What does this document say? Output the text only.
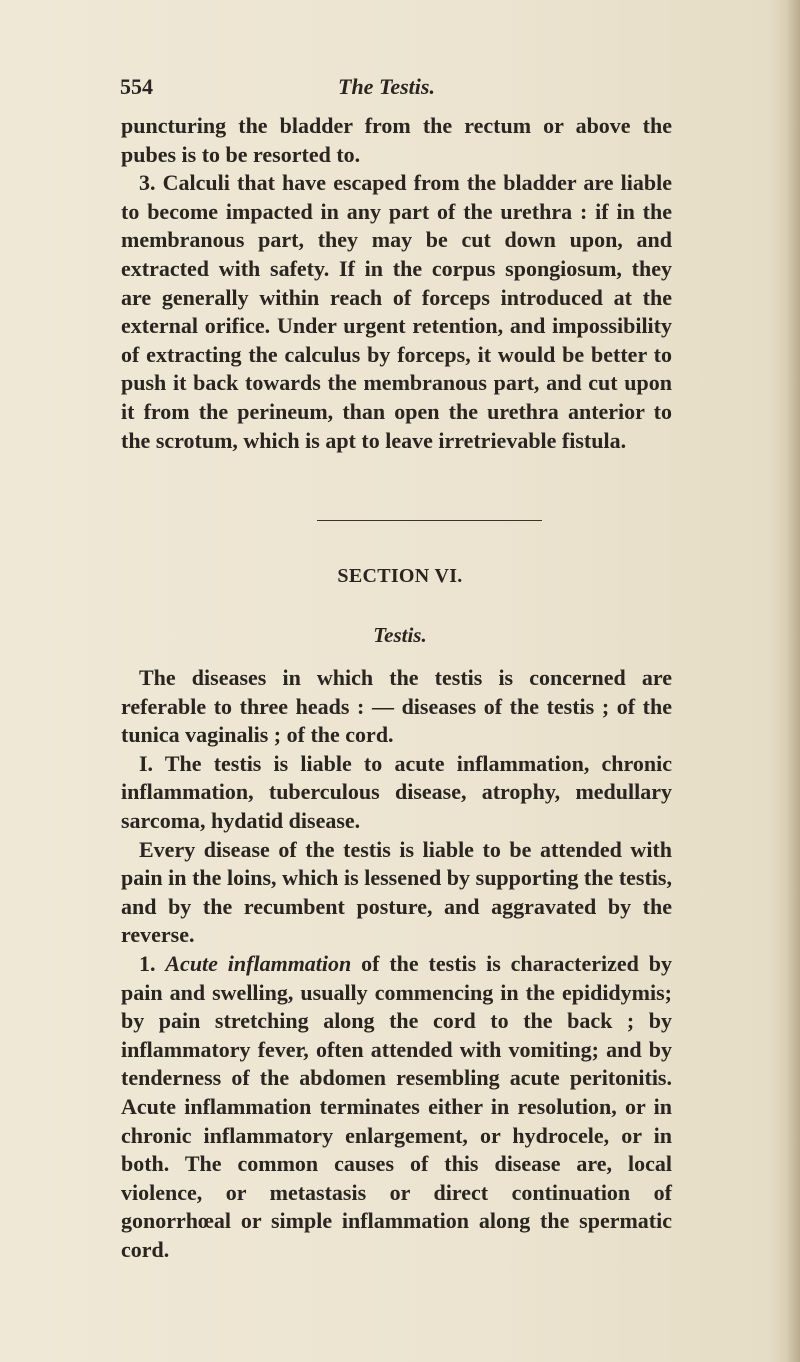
554	The Testis.

puncturing the bladder from the rectum or above the pubes is to be resorted to.

3. Calculi that have escaped from the bladder are liable to become impacted in any part of the urethra : if in the membranous part, they may be cut down upon, and extracted with safety. If in the corpus spongiosum, they are generally within reach of forceps introduced at the external orifice. Under urgent retention, and impossibility of extracting the calculus by forceps, it would be better to push it back towards the membranous part, and cut upon it from the perineum, than open the urethra anterior to the scrotum, which is apt to leave irretrievable fistula.

SECTION VI.
Testis.

The diseases in which the testis is concerned are referable to three heads : — diseases of the testis ; of the tunica vaginalis ; of the cord.

I. The testis is liable to acute inflammation, chronic inflammation, tuberculous disease, atrophy, medullary sarcoma, hydatid disease.

Every disease of the testis is liable to be attended with pain in the loins, which is lessened by supporting the testis, and by the recumbent posture, and aggravated by the reverse.

1. Acute inflammation of the testis is characterized by pain and swelling, usually commencing in the epididymis; by pain stretching along the cord to the back ; by inflammatory fever, often attended with vomiting; and by tenderness of the abdomen resembling acute peritonitis. Acute inflammation terminates either in resolution, or in chronic inflammatory enlargement, or hydrocele, or in both. The common causes of this disease are, local violence, or metastasis or direct continuation of gonorrhœal or simple inflammation along the spermatic cord.
